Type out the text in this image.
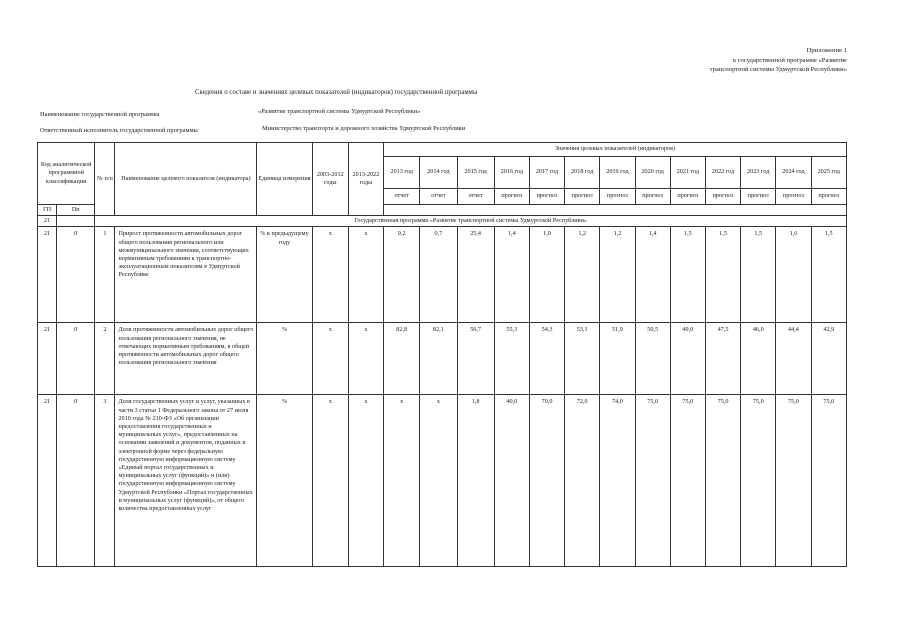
Приложение 1
к государственной программе «Развитие
транспортной системы Удмуртской Республики»
Сведения о составе и значениях целевых показателей (индикаторов) государственной программы
Наименование государственной программы	«Развитие транспортной системы Удмуртской Республики»
Ответственный исполнитель государственной программы	Министерство транспорта и дорожного хозяйства Удмуртской Республики
Код аналитической программной классификации		№ п/п	Наименование целевого показателя (индикатора)	Единица измерения	2003-2012 годы	2013-2022 годы	Значения целевых показателей (индикаторов)												
							2013 год	2014 год	2015 год	2016 год	2017 год	2018 год	2019 год	2020 год	2021 год	2022 год	2023 год	2024 год	2025 год
							отчет	отчет	отчет	прогноз	прогноз	прогноз	прогноз	прогноз	прогноз	прогноз	прогноз	прогноз	прогноз
ГП	Пп																		
21		Государственная программа «Развитие транспортной системы Удмуртской Республики»																	
21	0	1	Прирост протяженности автомобильных дорог общего пользования регионального или межмуниципального значения, соответствующих нормативным требованиям к транспортно-эксплуатационным показателям в Удмуртской Республике	% к предыдущему году	х	х	9,2	0,7	25,4	1,4	1,0	1,2	1,2	1,4	1,5	1,5	1,5	1,6	1,5
21	0	2	Доля протяженности автомобильных дорог общего пользования регионального значения, не отвечающих нормативным требованиям, в общей протяженности автомобильных дорог общего пользования регионального значения	%	х	х	82,8	82,1	56,7	55,3	54,3	53,1	51,9	50,5	49,0	47,5	46,0	44,4	42,9
21	0	3	Доля государственных услуг и услуг, указанных в части 3 статьи 1 Федерального закона от 27 июля 2010 года № 210-ФЗ «Об организации предоставления государственных и муниципальных услуг», предоставленных на основании заявлений и документов, поданных в электронной форме через федеральную государственную информационную систему «Единый портал государственных и муниципальных услуг (функций)» и (или) государственную информационную систему Удмуртской Республики «Портал государственных и муниципальных услуг (функций)», от общего количества предоставленных услуг	%	х	х	х	х	1,8	40,0	70,0	72,0	74,0	75,0	75,0	75,0	75,0	75,0	75,0
